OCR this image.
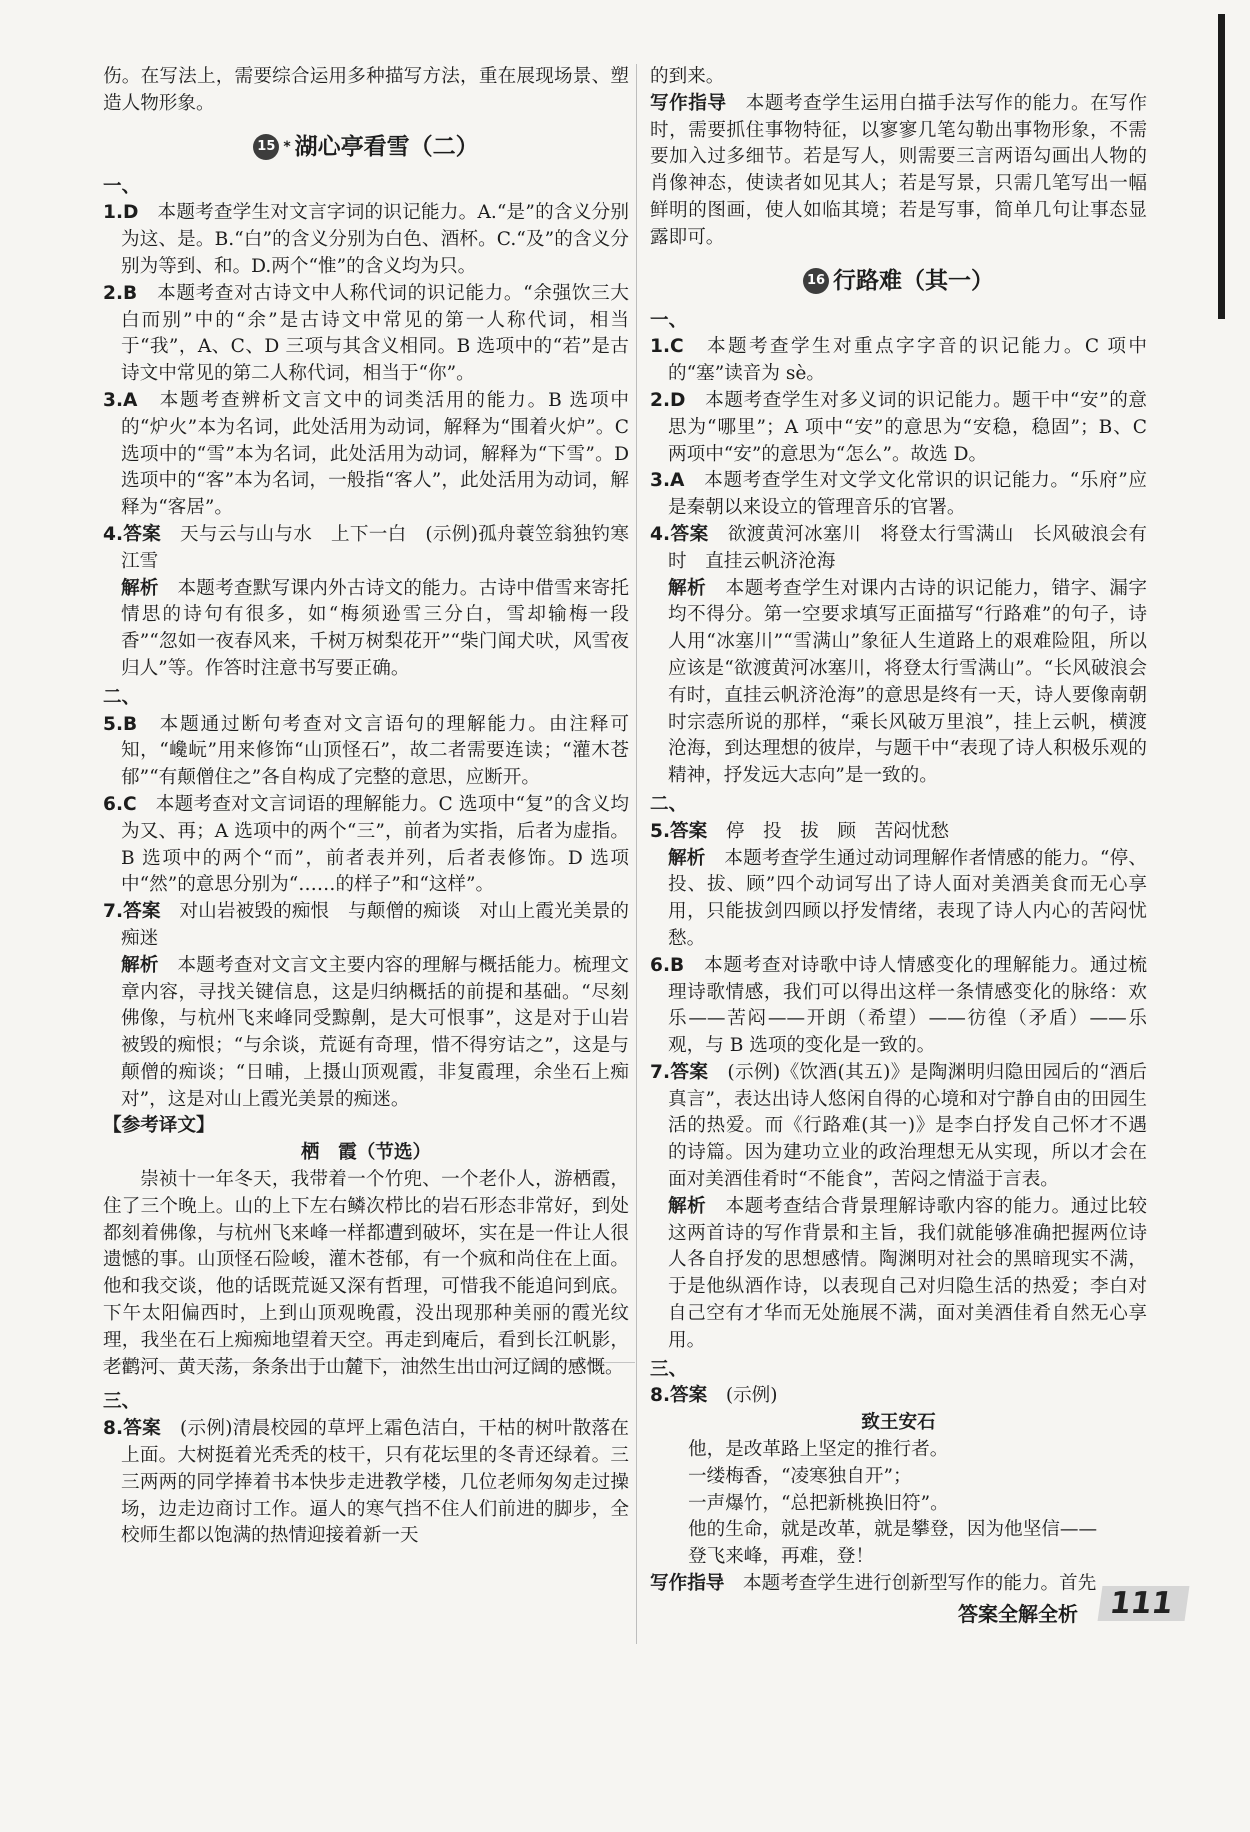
伤。在写法上，需要综合运用多种描写方法，重在展现场景、塑造人物形象。

15 * 湖心亭看雪（二）

一、

1.D　 本题考查学生对文言字词的识记能力。A.“是”的含义分别为这、是。B.“白”的含义分别为白色、酒杯。C.“及”的含义分别为等到、和。D.两个“惟”的含义均为只。

2.B　 本题考查对古诗文中人称代词的识记能力。“余强饮三大白而别”中的“余”是古诗文中常见的第一人称代词，相当于“我”，A、C、D 三项与其含义相同。B 选项中的“若”是古诗文中常见的第二人称代词，相当于“你”。

3.A　 本题考查辨析文言文中的词类活用的能力。B 选项中的“炉火”本为名词，此处活用为动词，解释为“围着火炉”。C 选项中的“雪”本为名词，此处活用为动词，解释为“下雪”。D 选项中的“客”本为名词，一般指“客人”，此处活用为动词，解释为“客居”。

4.答案　 天与云与山与水　上下一白　(示例)孤舟蓑笠翁独钓寒江雪

解析　 本题考查默写课内外古诗文的能力。古诗中借雪来寄托情思的诗句有很多，如“梅须逊雪三分白，雪却输梅一段香”“忽如一夜春风来，千树万树梨花开”“柴门闻犬吠，风雪夜归人”等。作答时注意书写要正确。

二、

5.B　 本题通过断句考查对文言语句的理解能力。由注释可知，“巉岏”用来修饰“山顶怪石”，故二者需要连读；“灌木苍郁”“有颠僧住之”各自构成了完整的意思，应断开。

6.C　 本题考查对文言词语的理解能力。C 选项中“复”的含义均为又、再；A 选项中的两个“三”，前者为实指，后者为虚指。B 选项中的两个“而”，前者表并列，后者表修饰。D 选项中“然”的意思分别为“……的样子”和“这样”。

7.答案　 对山岩被毁的痴恨　与颠僧的痴谈　对山上霞光美景的痴迷

解析　 本题考查对文言文主要内容的理解与概括能力。梳理文章内容，寻找关键信息，这是归纳概括的前提和基础。“尽刻佛像，与杭州飞来峰同受黥劓，是大可恨事”，这是对于山岩被毁的痴恨；“与余谈，荒诞有奇理，惜不得穷诘之”，这是与颠僧的痴谈；“日晡，上摄山顶观霞，非复霞理，余坐石上痴对”，这是对山上霞光美景的痴迷。

【参考译文】

栖　霞（节选）

崇祯十一年冬天，我带着一个竹兜、一个老仆人，游栖霞，住了三个晚上。山的上下左右鳞次栉比的岩石形态非常好，到处都刻着佛像，与杭州飞来峰一样都遭到破坏，实在是一件让人很遗憾的事。山顶怪石险峻，灌木苍郁，有一个疯和尚住在上面。他和我交谈，他的话既荒诞又深有哲理，可惜我不能追问到底。下午太阳偏西时，上到山顶观晚霞，没出现那种美丽的霞光纹理，我坐在石上痴痴地望着天空。再走到庵后，看到长江帆影，老鹳河、黄天荡，条条出于山麓下，油然生出山河辽阔的感慨。

三、

8.答案　 (示例)清晨校园的草坪上霜色洁白，干枯的树叶散落在上面。大树挺着光秃秃的枝干，只有花坛里的冬青还绿着。三三两两的同学捧着书本快步走进教学楼，几位老师匆匆走过操场，边走边商讨工作。逼人的寒气挡不住人们前进的脚步，全校师生都以饱满的热情迎接着新一天

的到来。

写作指导　 本题考查学生运用白描手法写作的能力。在写作时，需要抓住事物特征，以寥寥几笔勾勒出事物形象，不需要加入过多细节。若是写人，则需要三言两语勾画出人物的肖像神态，使读者如见其人；若是写景，只需几笔写出一幅鲜明的图画，使人如临其境；若是写事，简单几句让事态显露即可。

16 行路难（其一）

一、

1.C　 本题考查学生对重点字字音的识记能力。C 项中的“塞”读音为 sè。

2.D　 本题考查学生对多义词的识记能力。题干中“安”的意思为“哪里”；A 项中“安”的意思为“安稳，稳固”；B、C 两项中“安”的意思为“怎么”。故选 D。

3.A　 本题考查学生对文学文化常识的识记能力。“乐府”应是秦朝以来设立的管理音乐的官署。

4.答案　 欲渡黄河冰塞川　将登太行雪满山　长风破浪会有时　直挂云帆济沧海

解析　 本题考查学生对课内古诗的识记能力，错字、漏字均不得分。第一空要求填写正面描写“行路难”的句子，诗人用“冰塞川”“雪满山”象征人生道路上的艰难险阻，所以应该是“欲渡黄河冰塞川，将登太行雪满山”。“长风破浪会有时，直挂云帆济沧海”的意思是终有一天，诗人要像南朝时宗悫所说的那样，“乘长风破万里浪”，挂上云帆，横渡沧海，到达理想的彼岸，与题干中“表现了诗人积极乐观的精神，抒发远大志向”是一致的。

二、

5.答案　 停　投　拔　顾　苦闷忧愁

解析　 本题考查学生通过动词理解作者情感的能力。“停、投、拔、顾”四个动词写出了诗人面对美酒美食而无心享用，只能拔剑四顾以抒发情绪，表现了诗人内心的苦闷忧愁。

6.B　 本题考查对诗歌中诗人情感变化的理解能力。通过梳理诗歌情感，我们可以得出这样一条情感变化的脉络：欢乐——苦闷——开朗（希望）——彷徨（矛盾）——乐观，与 B 选项的变化是一致的。

7.答案　 (示例)《饮酒(其五)》是陶渊明归隐田园后的“酒后真言”，表达出诗人悠闲自得的心境和对宁静自由的田园生活的热爱。而《行路难(其一)》是李白抒发自己怀才不遇的诗篇。因为建功立业的政治理想无从实现，所以才会在面对美酒佳肴时“不能食”，苦闷之情溢于言表。

解析　 本题考查结合背景理解诗歌内容的能力。通过比较这两首诗的写作背景和主旨，我们就能够准确把握两位诗人各自抒发的思想感情。陶渊明对社会的黑暗现实不满，于是他纵酒作诗，以表现自己对归隐生活的热爱；李白对自己空有才华而无处施展不满，面对美酒佳肴自然无心享用。

三、

8.答案　 (示例)

致王安石

他，是改革路上坚定的推行者。

一缕梅香，“凌寒独自开”；

一声爆竹，“总把新桃换旧符”。

他的生命，就是改革，就是攀登，因为他坚信——

登飞来峰，再难，登！

写作指导　 本题考查学生进行创新型写作的能力。首先

答案全解全析 111
